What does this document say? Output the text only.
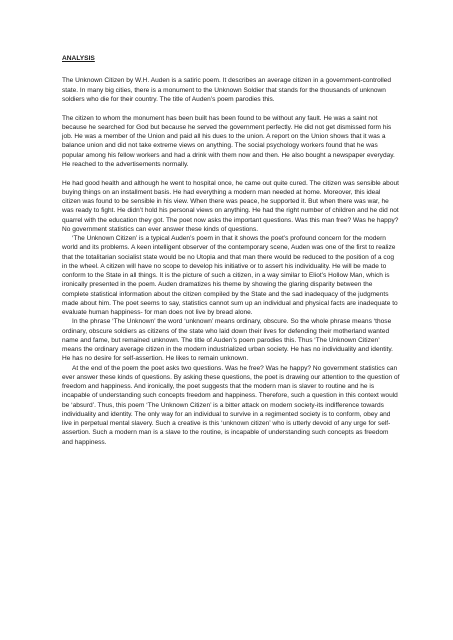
ANALYSIS

The Unknown Citizen by W.H. Auden is a satiric poem. It describes an average citizen in a government-controlled state. In many big cities, there is a monument to the Unknown Soldier that stands for the thousands of unknown soldiers who die for their country. The title of Auden’s poem parodies this.

The citizen to whom the monument has been built has been found to be without any fault. He was a saint not because he searched for God but because he served the government perfectly. He did not get dismissed form his job. He was a member of the Union and paid all his dues to the union. A report on the Union shows that it was a balance union and did not take extreme views on anything. The social psychology workers found that he was popular among his fellow workers and had a drink with them now and then. He also bought a newspaper everyday. He reached to the advertisements normally.

He had good health and although he went to hospital once, he came out quite cured. The citizen was sensible about buying things on an installment basis. He had everything a modern man needed at home. Moreover, this ideal citizen was found to be sensible in his view. When there was peace, he supported it. But when there was war, he was ready to fight. He didn’t hold his personal views on anything. He had the right number of children and he did not quarrel with the education they got. The poet now asks the important questions. Was this man free? Was he happy? No government statistics can ever answer these kinds of questions.

‘The Unknown Citizen’ is a typical Auden’s poem in that it shows the poet’s profound concern for the modern world and its problems. A keen intelligent observer of the contemporary scene, Auden was one of the first to realize that the totalitarian socialist state would be no Utopia and that man there would be reduced to the position of a cog in the wheel. A citizen will have no scope to develop his initiative or to assert his individuality. He will be made to conform to the State in all things. It is the picture of such a citizen, in a way similar to Eliot’s Hollow Man, which is ironically presented in the poem. Auden dramatizes his theme by showing the glaring disparity between the complete statistical information about the citizen compiled by the State and the sad inadequacy of the judgments made about him. The poet seems to say, statistics cannot sum up an individual and physical facts are inadequate to evaluate human happiness- for man does not live by bread alone.

In the phrase ‘The Unknown’ the word ‘unknown’ means ordinary, obscure. So the whole phrase means ‘those ordinary, obscure soldiers as citizens of the state who laid down their lives for defending their motherland wanted name and fame, but remained unknown. The title of Auden’s poem parodies this. Thus ‘The Unknown Citizen’ means the ordinary average citizen in the modern industrialized urban society. He has no individuality and identity. He has no desire for self-assertion. He likes to remain unknown.

At the end of the poem the poet asks two questions. Was he free? Was he happy? No government statistics can ever answer these kinds of questions. By asking these questions, the poet is drawing our attention to the question of freedom and happiness. And ironically, the poet suggests that the modern man is slaver to routine and he is incapable of understanding such concepts freedom and happiness. Therefore, such a question in this context would be ‘absurd’. Thus, this poem ‘The Unknown Citizen’ is a bitter attack on modern society-its indifference towards individuality and identity. The only way for an individual to survive in a regimented society is to conform, obey and live in perpetual mental slavery. Such a creative is this ‘unknown citizen’ who is utterly devoid of any urge for self-assertion. Such a modern man is a slave to the routine, is incapable of understanding such concepts as freedom and happiness.
